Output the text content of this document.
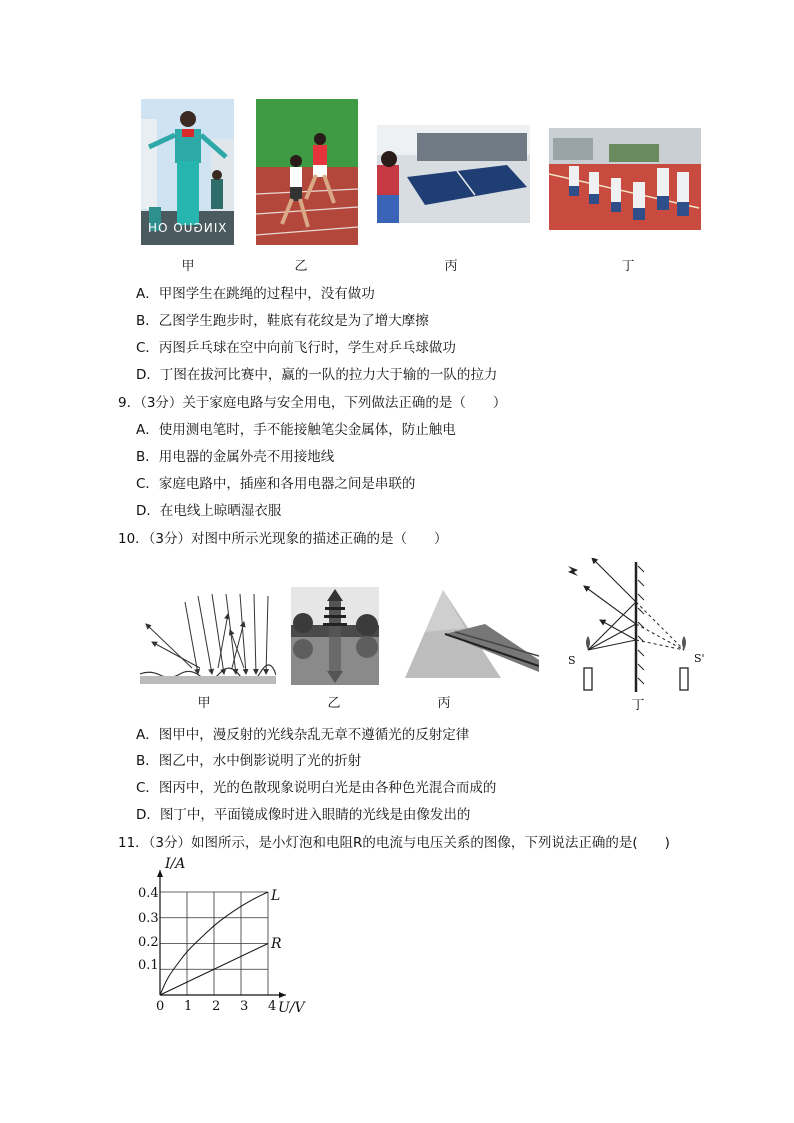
XINGUO OH
甲	乙	丙	丁
A．甲图学生在跳绳的过程中，没有做功
B．乙图学生跑步时，鞋底有花纹是为了增大摩擦
C．丙图乒乓球在空中向前飞行时，学生对乒乓球做功
D．丁图在拔河比赛中，赢的一队的拉力大于输的一队的拉力
9．（3分）关于家庭电路与安全用电，下列做法正确的是（　　）
A．使用测电笔时，手不能接触笔尖金属体，防止触电
B．用电器的金属外壳不用接地线
C．家庭电路中，插座和各用电器之间是串联的
D．在电线上晾晒湿衣服
10．（3分）对图中所示光现象的描述正确的是（　　）
S	S'
甲	乙	丙	丁
A．图甲中，漫反射的光线杂乱无章不遵循光的反射定律
B．图乙中，水中倒影说明了光的折射
C．图丙中，光的色散现象说明白光是由各种色光混合而成的
D．图丁中，平面镜成像时进入眼睛的光线是由像发出的
11．（3分）如图所示，是小灯泡和电阻R的电流与电压关系的图像，下列说法正确的是(　　)
I/A
U/V
0 1 2 3 4
0.1
0.2
0.3
0.4	L
R
